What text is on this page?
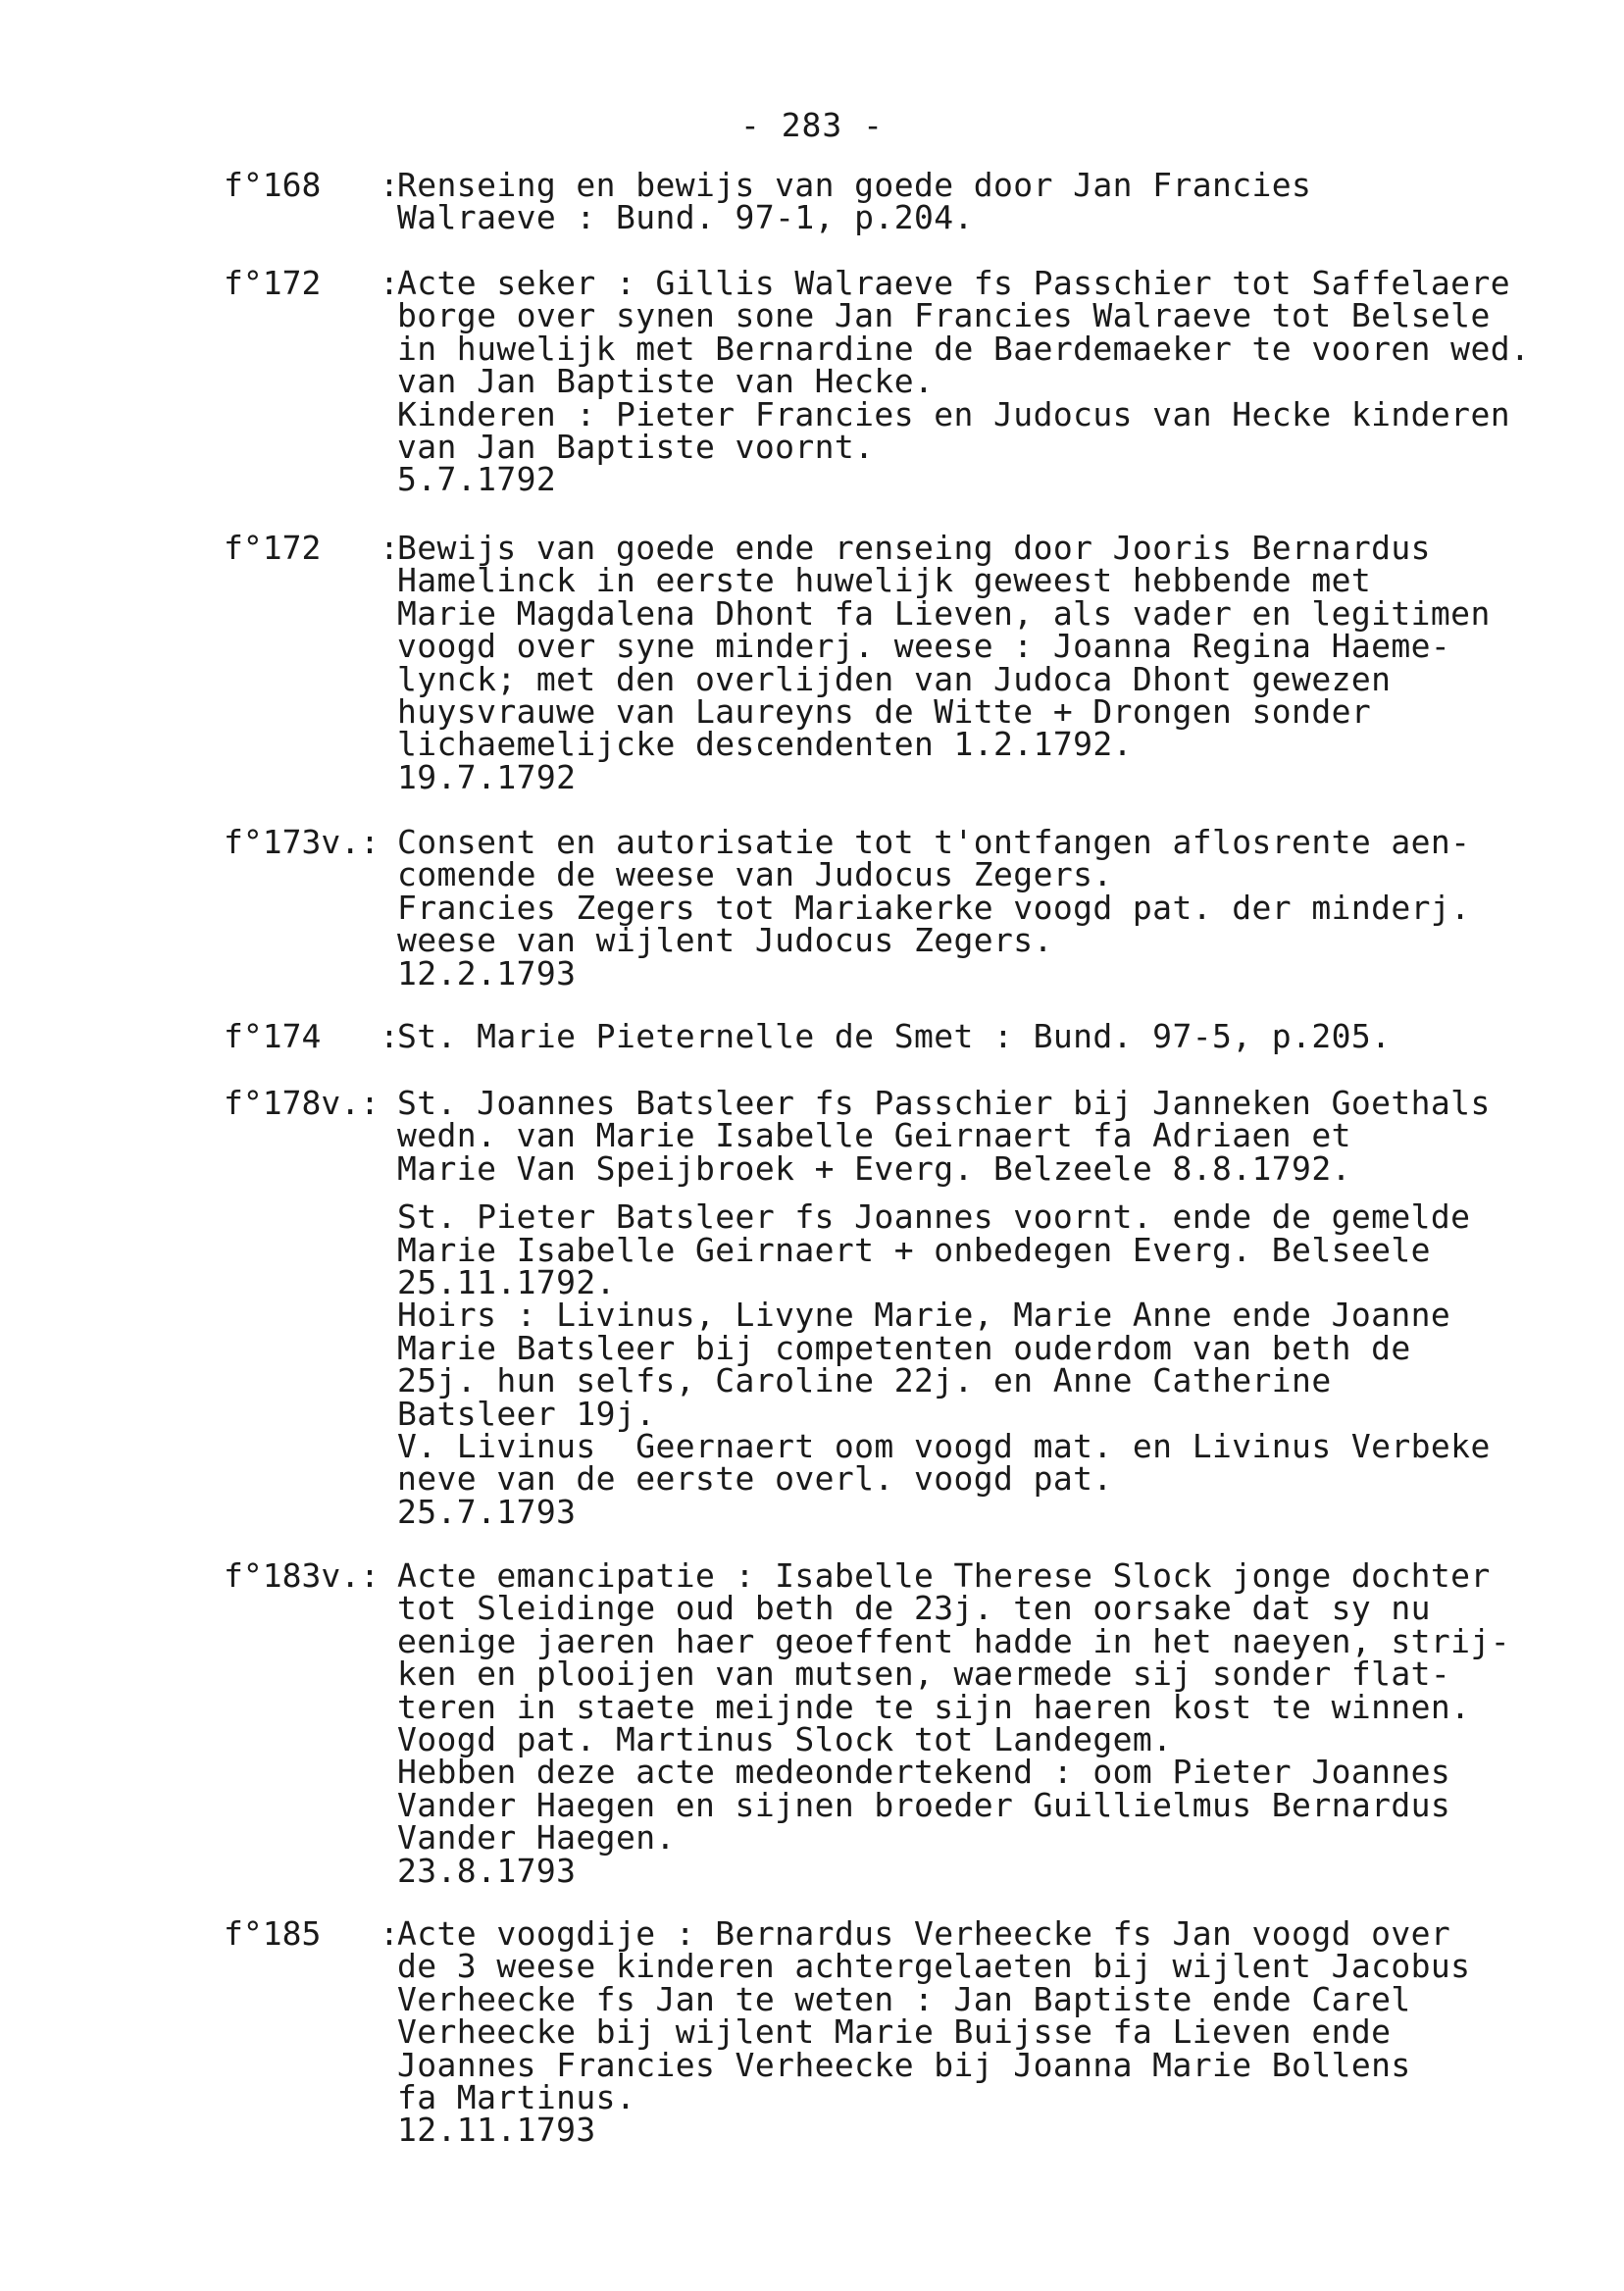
- 283 -
f°168   :
Renseing en bewijs van goede door Jan Francies
Walraeve : Bund. 97-1, p.204.
f°172   :
Acte seker : Gillis Walraeve fs Passchier tot Saffelaere
borge over synen sone Jan Francies Walraeve tot Belsele
in huwelijk met Bernardine de Baerdemaeker te vooren wed.
van Jan Baptiste van Hecke.
Kinderen : Pieter Francies en Judocus van Hecke kinderen
van Jan Baptiste voornt.
5.7.1792
f°172   :
Bewijs van goede ende renseing door Jooris Bernardus
Hamelinck in eerste huwelijk geweest hebbende met
Marie Magdalena Dhont fa Lieven, als vader en legitimen
voogd over syne minderj. weese : Joanna Regina Haeme-
lynck; met den overlijden van Judoca Dhont gewezen
huysvrauwe van Laureyns de Witte + Drongen sonder
lichaemelijcke descendenten 1.2.1792.
19.7.1792
f°173v.: Consent en autorisatie tot t'ontfangen aflosrente aen-
comende de weese van Judocus Zegers.
Francies Zegers tot Mariakerke voogd pat. der minderj.
weese van wijlent Judocus Zegers.
12.2.1793
f°174   :
St. Marie Pieternelle de Smet : Bund. 97-5, p.205.
f°178v.: St. Joannes Batsleer fs Passchier bij Janneken Goethals
wedn. van Marie Isabelle Geirnaert fa Adriaen et
Marie Van Speijbroek + Everg. Belzeele 8.8.1792.
St. Pieter Batsleer fs Joannes voornt. ende de gemelde
Marie Isabelle Geirnaert + onbedegen Everg. Belseele
25.11.1792.
Hoirs : Livinus, Livyne Marie, Marie Anne ende Joanne
Marie Batsleer bij competenten ouderdom van beth de
25j. hun selfs, Caroline 22j. en Anne Catherine
Batsleer 19j.
V. Livinus  Geernaert oom voogd mat. en Livinus Verbeke
neve van de eerste overl. voogd pat.
25.7.1793
f°183v.: Acte emancipatie : Isabelle Therese Slock jonge dochter
tot Sleidinge oud beth de 23j. ten oorsake dat sy nu
eenige jaeren haer geoeffent hadde in het naeyen, strij-
ken en plooijen van mutsen, waermede sij sonder flat-
teren in staete meijnde te sijn haeren kost te winnen.
Voogd pat. Martinus Slock tot Landegem.
Hebben deze acte medeondertekend : oom Pieter Joannes
Vander Haegen en sijnen broeder Guillielmus Bernardus
Vander Haegen.
23.8.1793
f°185   :
Acte voogdije : Bernardus Verheecke fs Jan voogd over
de 3 weese kinderen achtergelaeten bij wijlent Jacobus
Verheecke fs Jan te weten : Jan Baptiste ende Carel
Verheecke bij wijlent Marie Buijsse fa Lieven ende
Joannes Francies Verheecke bij Joanna Marie Bollens
fa Martinus.
12.11.1793
